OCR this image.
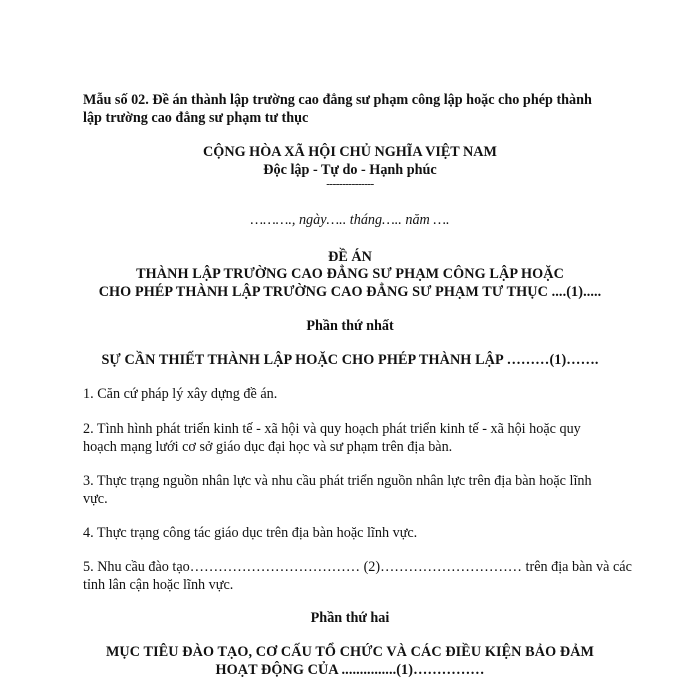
Mẫu số 02. Đề án thành lập trường cao đẳng sư phạm công lập hoặc cho phép thành
lập trường cao đẳng sư phạm tư thục
CỘNG HÒA XÃ HỘI CHỦ NGHĨA VIỆT NAM
Độc lập - Tự do - Hạnh phúc
---------------
………., ngày….. tháng….. năm ….
ĐỀ ÁN
THÀNH LẬP TRƯỜNG CAO ĐẲNG SƯ PHẠM CÔNG LẬP HOẶC
CHO PHÉP THÀNH LẬP TRƯỜNG CAO ĐẲNG SƯ PHẠM TƯ THỤC ....(1).....
Phần thứ nhất
SỰ CẦN THIẾT THÀNH LẬP HOẶC CHO PHÉP THÀNH LẬP ………(1)…….
1. Căn cứ pháp lý xây dựng đề án.
2. Tình hình phát triển kinh tế - xã hội và quy hoạch phát triển kinh tế - xã hội hoặc quy
hoạch mạng lưới cơ sở giáo dục đại học và sư phạm trên địa bàn.
3. Thực trạng nguồn nhân lực và nhu cầu phát triển nguồn nhân lực trên địa bàn hoặc lĩnh
vực.
4. Thực trạng công tác giáo dục trên địa bàn hoặc lĩnh vực.
5. Nhu cầu đào tạo……………………………… (2)………………………… trên địa bàn và các
tỉnh lân cận hoặc lĩnh vực.
Phần thứ hai
MỤC TIÊU ĐÀO TẠO, CƠ CẤU TỔ CHỨC VÀ CÁC ĐIỀU KIỆN BẢO ĐẢM
HOẠT ĐỘNG CỦA ...............(1)……………
